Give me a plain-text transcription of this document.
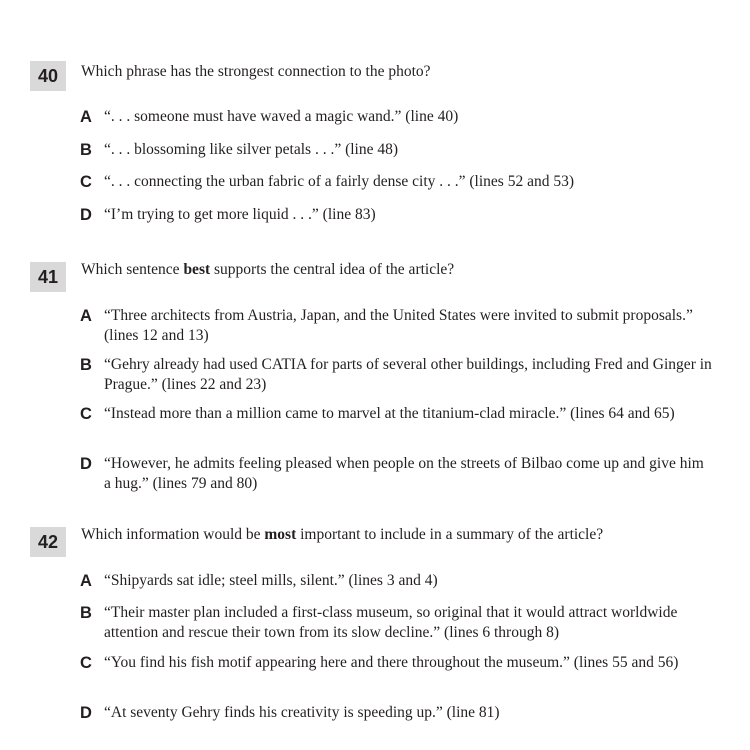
40	Which phrase has the strongest connection to the photo?
A “. . . someone must have waved a magic wand.” (line 40)
B “. . . blossoming like silver petals . . .” (line 48)
C “. . . connecting the urban fabric of a fairly dense city . . .” (lines 52 and 53)
D “I’m trying to get more liquid . . .” (line 83)
41	Which sentence best supports the central idea of the article?
A “Three architects from Austria, Japan, and the United States were invited to submit proposals.” (lines 12 and 13)
B “Gehry already had used CATIA for parts of several other buildings, including Fred and Ginger in Prague.” (lines 22 and 23)
C “Instead more than a million came to marvel at the titanium-clad miracle.” (lines 64 and 65)
D “However, he admits feeling pleased when people on the streets of Bilbao come up and give him a hug.” (lines 79 and 80)
42	Which information would be most important to include in a summary of the article?
A “Shipyards sat idle; steel mills, silent.” (lines 3 and 4)
B “Their master plan included a first-class museum, so original that it would attract worldwide attention and rescue their town from its slow decline.” (lines 6 through 8)
C “You find his fish motif appearing here and there throughout the museum.” (lines 55 and 56)
D “At seventy Gehry finds his creativity is speeding up.” (line 81)
